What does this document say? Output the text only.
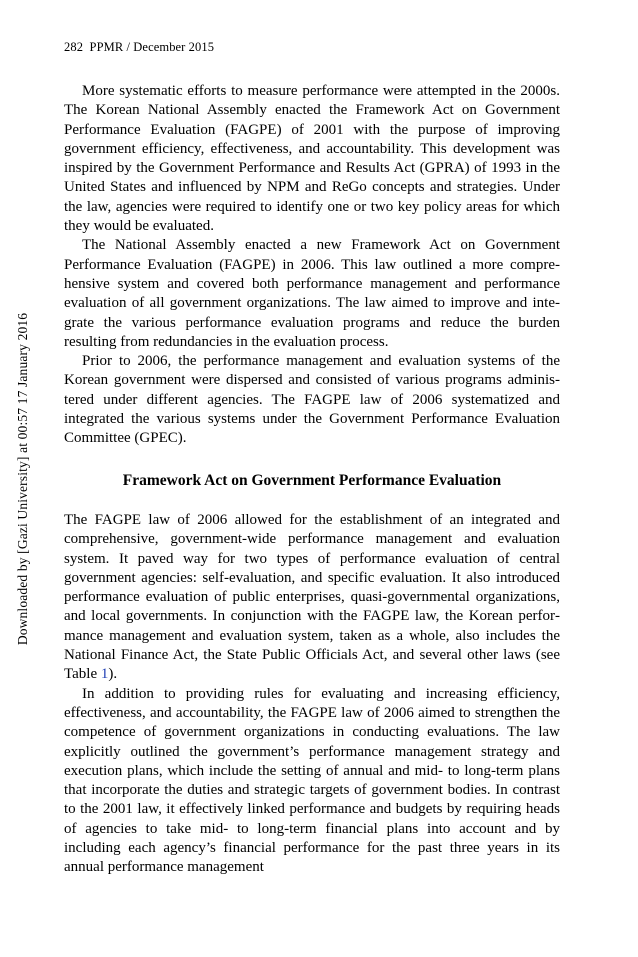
282 PPMR / December 2015
Downloaded by [Gazi University] at 00:57 17 January 2016

More systematic efforts to measure performance were attempted in the 2000s. The Korean National Assembly enacted the Framework Act on Government Performance Evaluation (FAGPE) of 2001 with the purpose of improving government efficiency, effectiveness, and accountability. This development was inspired by the Government Performance and Results Act (GPRA) of 1993 in the United States and influenced by NPM and ReGo concepts and strategies. Under the law, agencies were required to identify one or two key policy areas for which they would be evaluated.

The National Assembly enacted a new Framework Act on Government Performance Evaluation (FAGPE) in 2006. This law outlined a more comprehensive system and covered both performance management and performance evaluation of all government organizations. The law aimed to improve and integrate the various performance evaluation programs and reduce the burden resulting from redundancies in the evaluation process.

Prior to 2006, the performance management and evaluation systems of the Korean government were dispersed and consisted of various programs administered under different agencies. The FAGPE law of 2006 systematized and integrated the various systems under the Government Performance Evaluation Committee (GPEC).

Framework Act on Government Performance Evaluation

The FAGPE law of 2006 allowed for the establishment of an integrated and comprehensive, government-wide performance management and evaluation system. It paved way for two types of performance evaluation of central government agencies: self-evaluation, and specific evaluation. It also introduced performance evaluation of public enterprises, quasi-governmental organizations, and local governments. In conjunction with the FAGPE law, the Korean performance management and evaluation system, taken as a whole, also includes the National Finance Act, the State Public Officials Act, and several other laws (see Table 1).

In addition to providing rules for evaluating and increasing efficiency, effectiveness, and accountability, the FAGPE law of 2006 aimed to strengthen the competence of government organizations in conducting evaluations. The law explicitly outlined the government’s performance management strategy and execution plans, which include the setting of annual and mid- to long-term plans that incorporate the duties and strategic targets of government bodies. In contrast to the 2001 law, it effectively linked performance and budgets by requiring heads of agencies to take mid- to long-term financial plans into account and by including each agency’s financial performance for the past three years in its annual performance management
